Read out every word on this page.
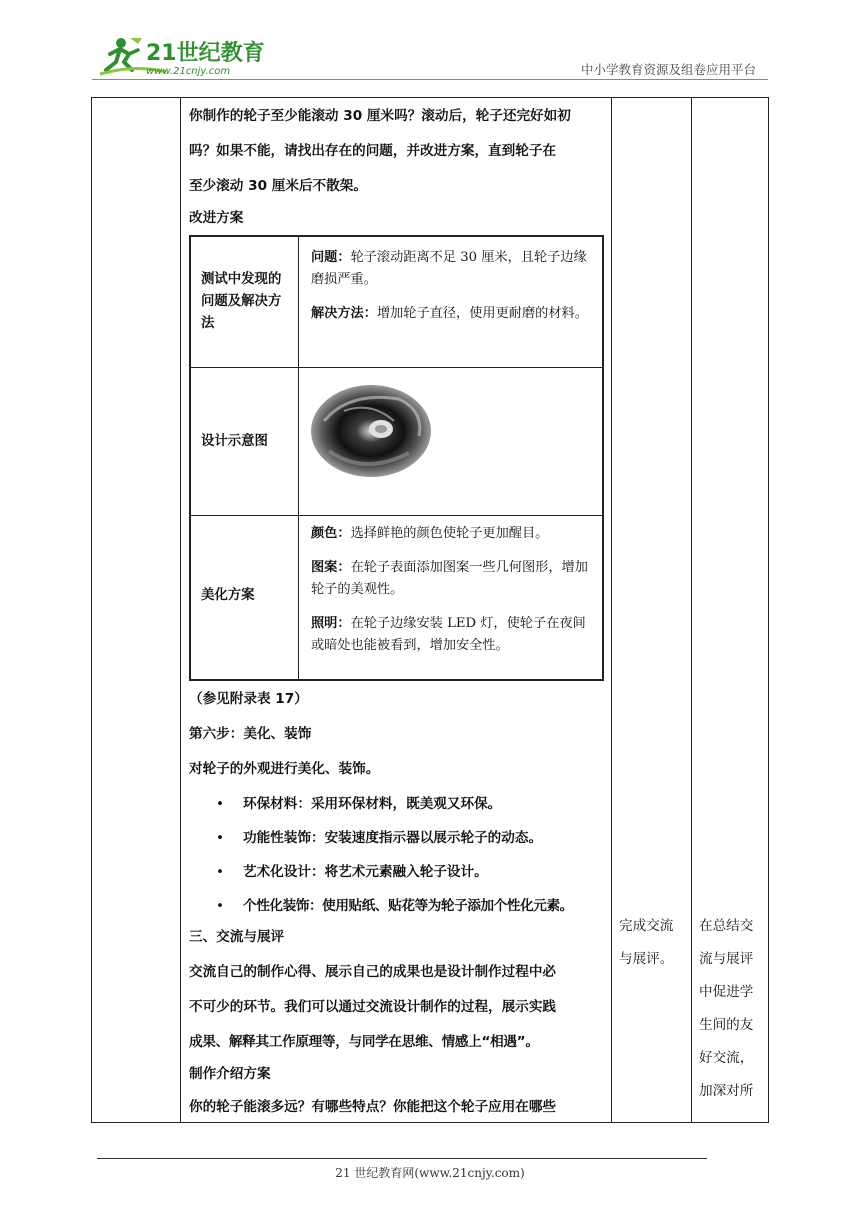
21世纪教育
www.21cnjy.com	中小学教育资源及组卷应用平台
你制作的轮子至少能滚动 30 厘米吗？滚动后，轮子还完好如初
吗？如果不能，请找出存在的问题，并改进方案，直到轮子在
至少滚动 30 厘米后不散架。
改进方案
测试中发现的问题及解决方法

问题：轮子滚动距离不足 30 厘米，且轮子边缘磨损严重。

解决方法：增加轮子直径，使用更耐磨的材料。

设计示意图
美化方案

颜色：选择鲜艳的颜色使轮子更加醒目。

图案：在轮子表面添加图案一些几何图形，增加轮子的美观性。

照明：在轮子边缘安装 LED 灯，使轮子在夜间或暗处也能被看到，增加安全性。

（参见附录表 17）
第六步：美化、装饰
对轮子的外观进行美化、装饰。
• 环保材料：采用环保材料，既美观又环保。
• 功能性装饰：安装速度指示器以展示轮子的动态。
• 艺术化设计：将艺术元素融入轮子设计。
• 个性化装饰：使用贴纸、贴花等为轮子添加个性化元素。
三、交流与展评
交流自己的制作心得、展示自己的成果也是设计制作过程中必
不可少的环节。我们可以通过交流设计制作的过程，展示实践
成果、解释其工作原理等，与同学在思维、情感上“相遇”。
制作介绍方案
你的轮子能滚多远？有哪些特点？你能把这个轮子应用在哪些
完成交流
与展评。
在总结交
流与展评
中促进学
生间的友
好交流，
加深对所
21 世纪教育网(www.21cnjy.com)
